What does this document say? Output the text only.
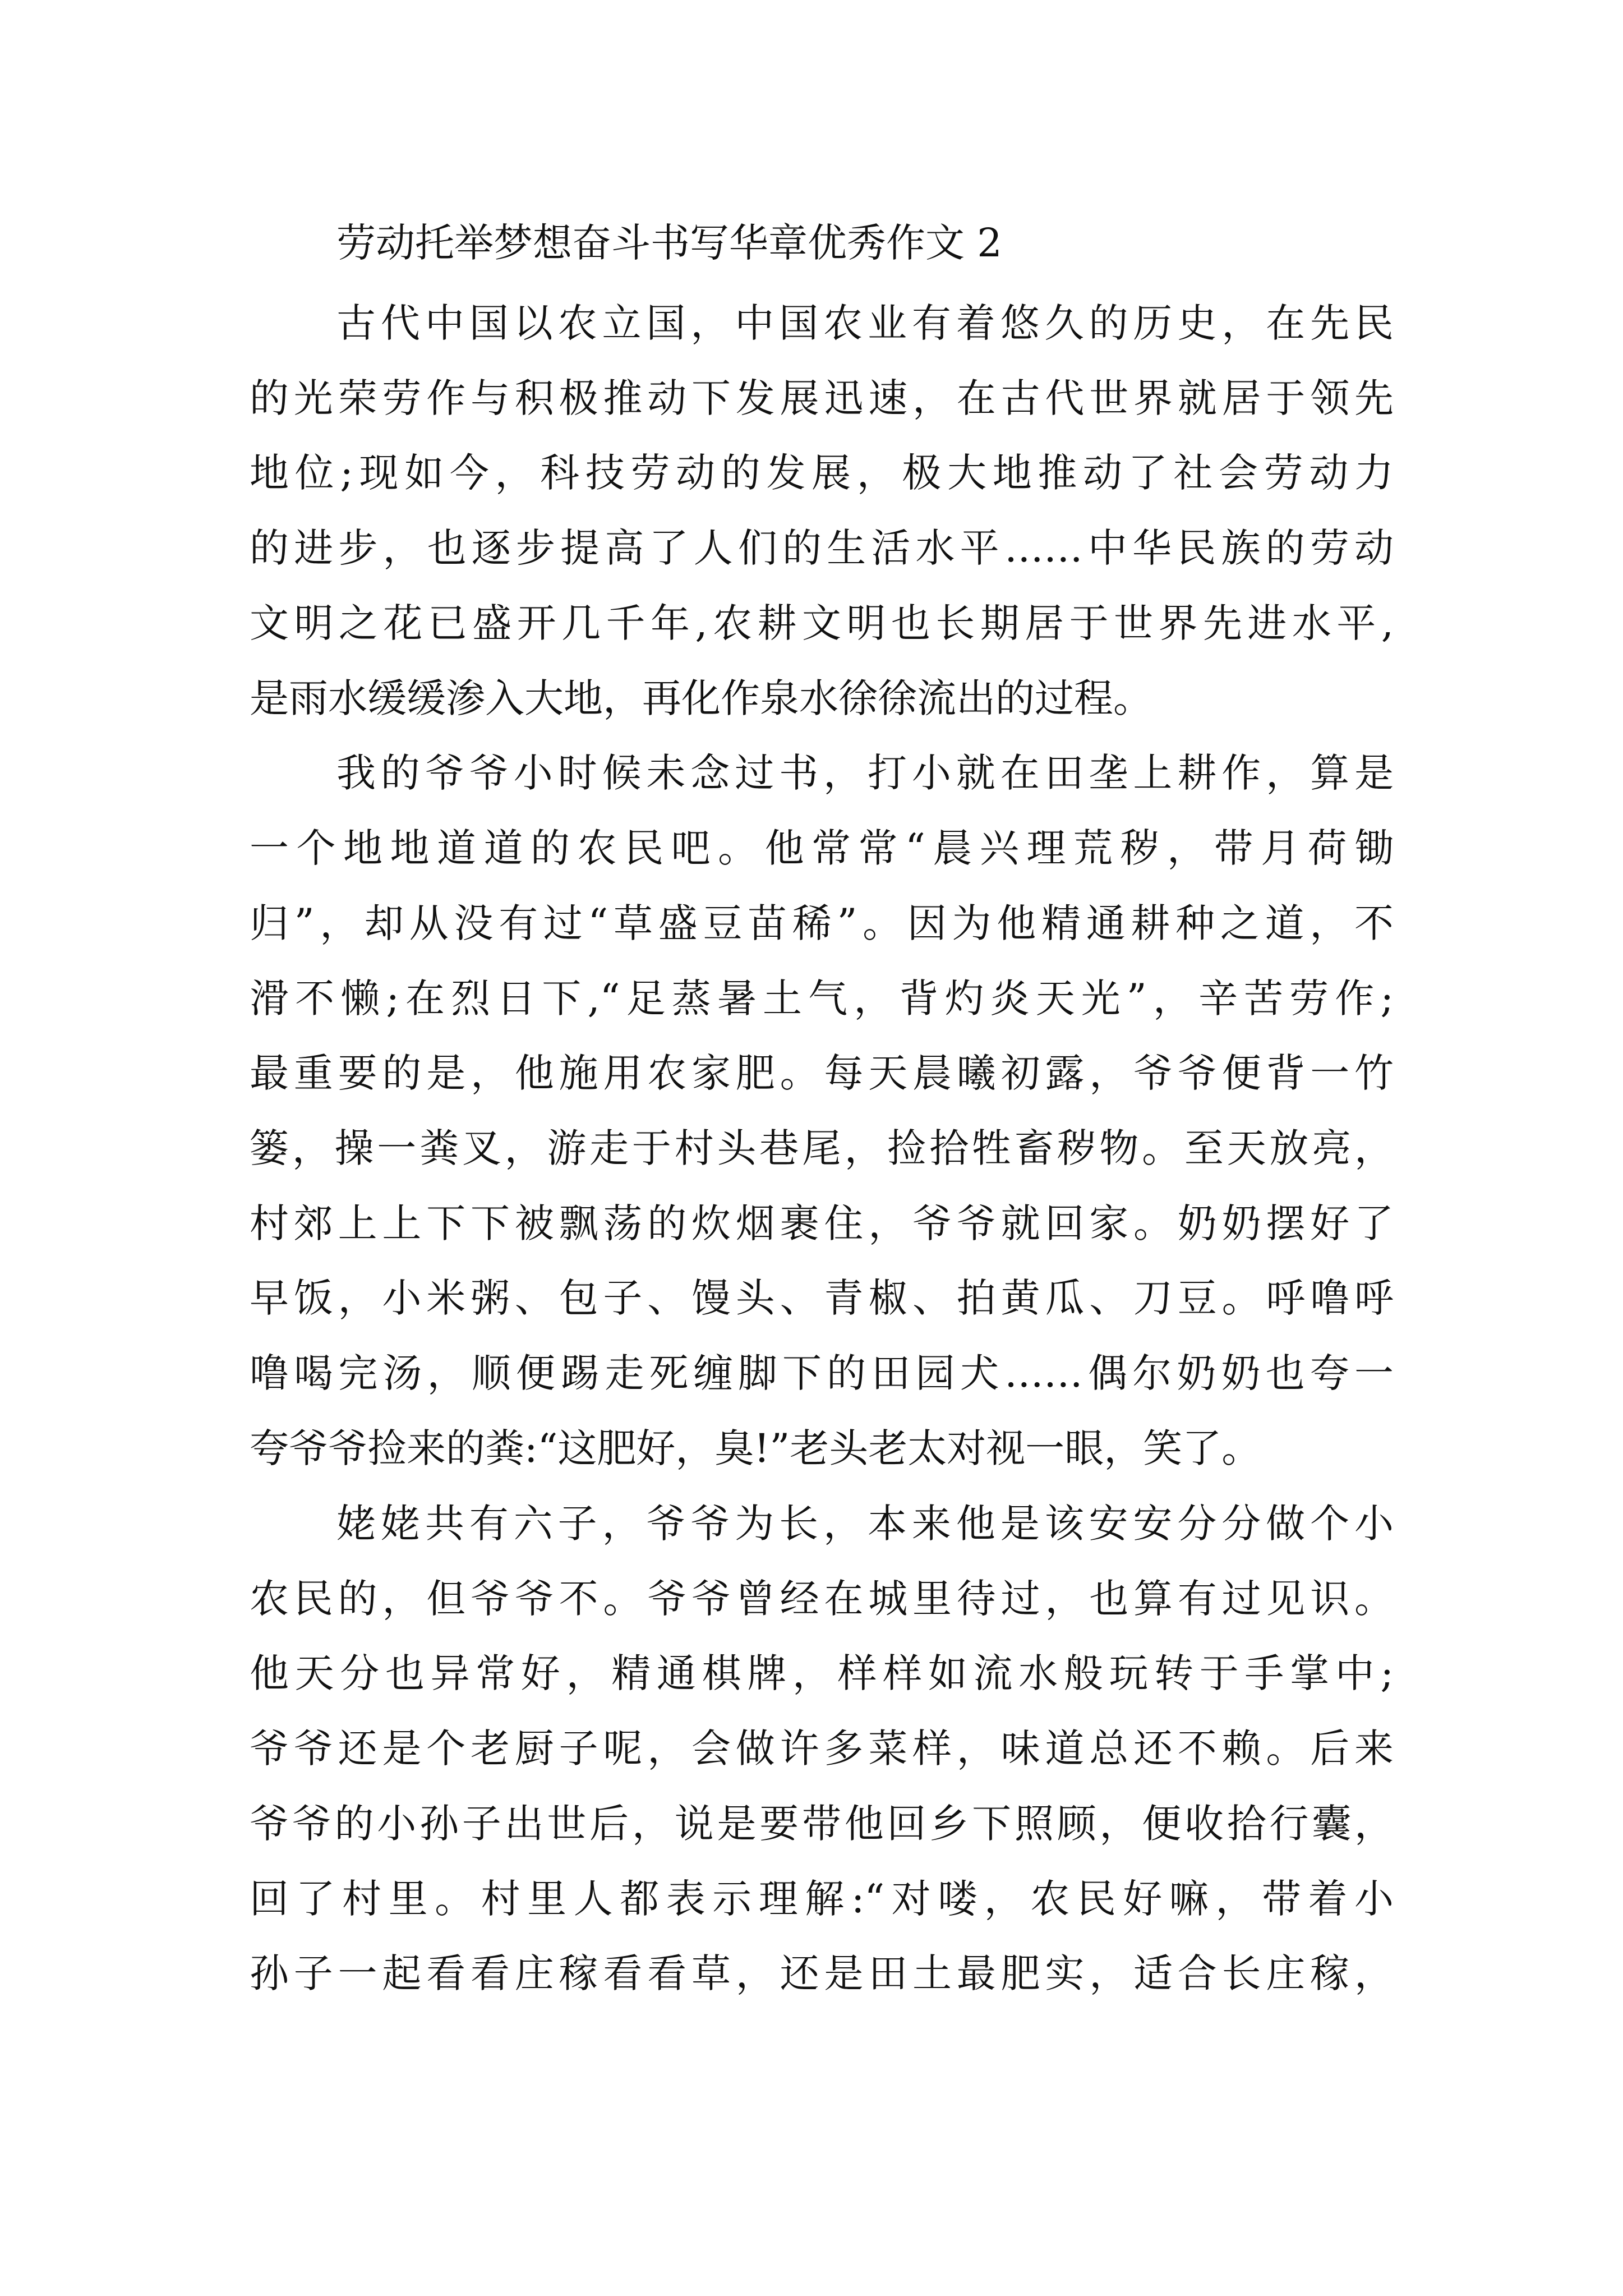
劳动托举梦想奋斗书写华章优秀作文 2

古代中国以农立国，中国农业有着悠久的历史，在先民

的光荣劳作与积极推动下发展迅速，在古代世界就居于领先

地位;现如今，科技劳动的发展，极大地推动了社会劳动力

的进步，也逐步提高了人们的生活水平……中华民族的劳动

文明之花已盛开几千年,农耕文明也长期居于世界先进水平,

是雨水缓缓渗入大地，再化作泉水徐徐流出的过程。

我的爷爷小时候未念过书，打小就在田垄上耕作，算是

一个地地道道的农民吧。他常常“晨兴理荒秽，带月荷锄

归”，却从没有过“草盛豆苗稀”。因为他精通耕种之道，不

滑不懒;在烈日下,“足蒸暑土气，背灼炎天光”，辛苦劳作;

最重要的是，他施用农家肥。每天晨曦初露，爷爷便背一竹

篓，操一粪叉，游走于村头巷尾，捡拾牲畜秽物。至天放亮，

村郊上上下下被飘荡的炊烟裹住，爷爷就回家。奶奶摆好了

早饭，小米粥、包子、馒头、青椒、拍黄瓜、刀豆。呼噜呼

噜喝完汤，顺便踢走死缠脚下的田园犬……偶尔奶奶也夸一

夸爷爷捡来的粪:“这肥好，臭!”老头老太对视一眼，笑了。

姥姥共有六子，爷爷为长，本来他是该安安分分做个小

农民的，但爷爷不。爷爷曾经在城里待过，也算有过见识。

他天分也异常好，精通棋牌，样样如流水般玩转于手掌中;

爷爷还是个老厨子呢，会做许多菜样，味道总还不赖。后来

爷爷的小孙子出世后，说是要带他回乡下照顾，便收拾行囊，

回了村里。村里人都表示理解:“对喽，农民好嘛，带着小

孙子一起看看庄稼看看草，还是田土最肥实，适合长庄稼，
